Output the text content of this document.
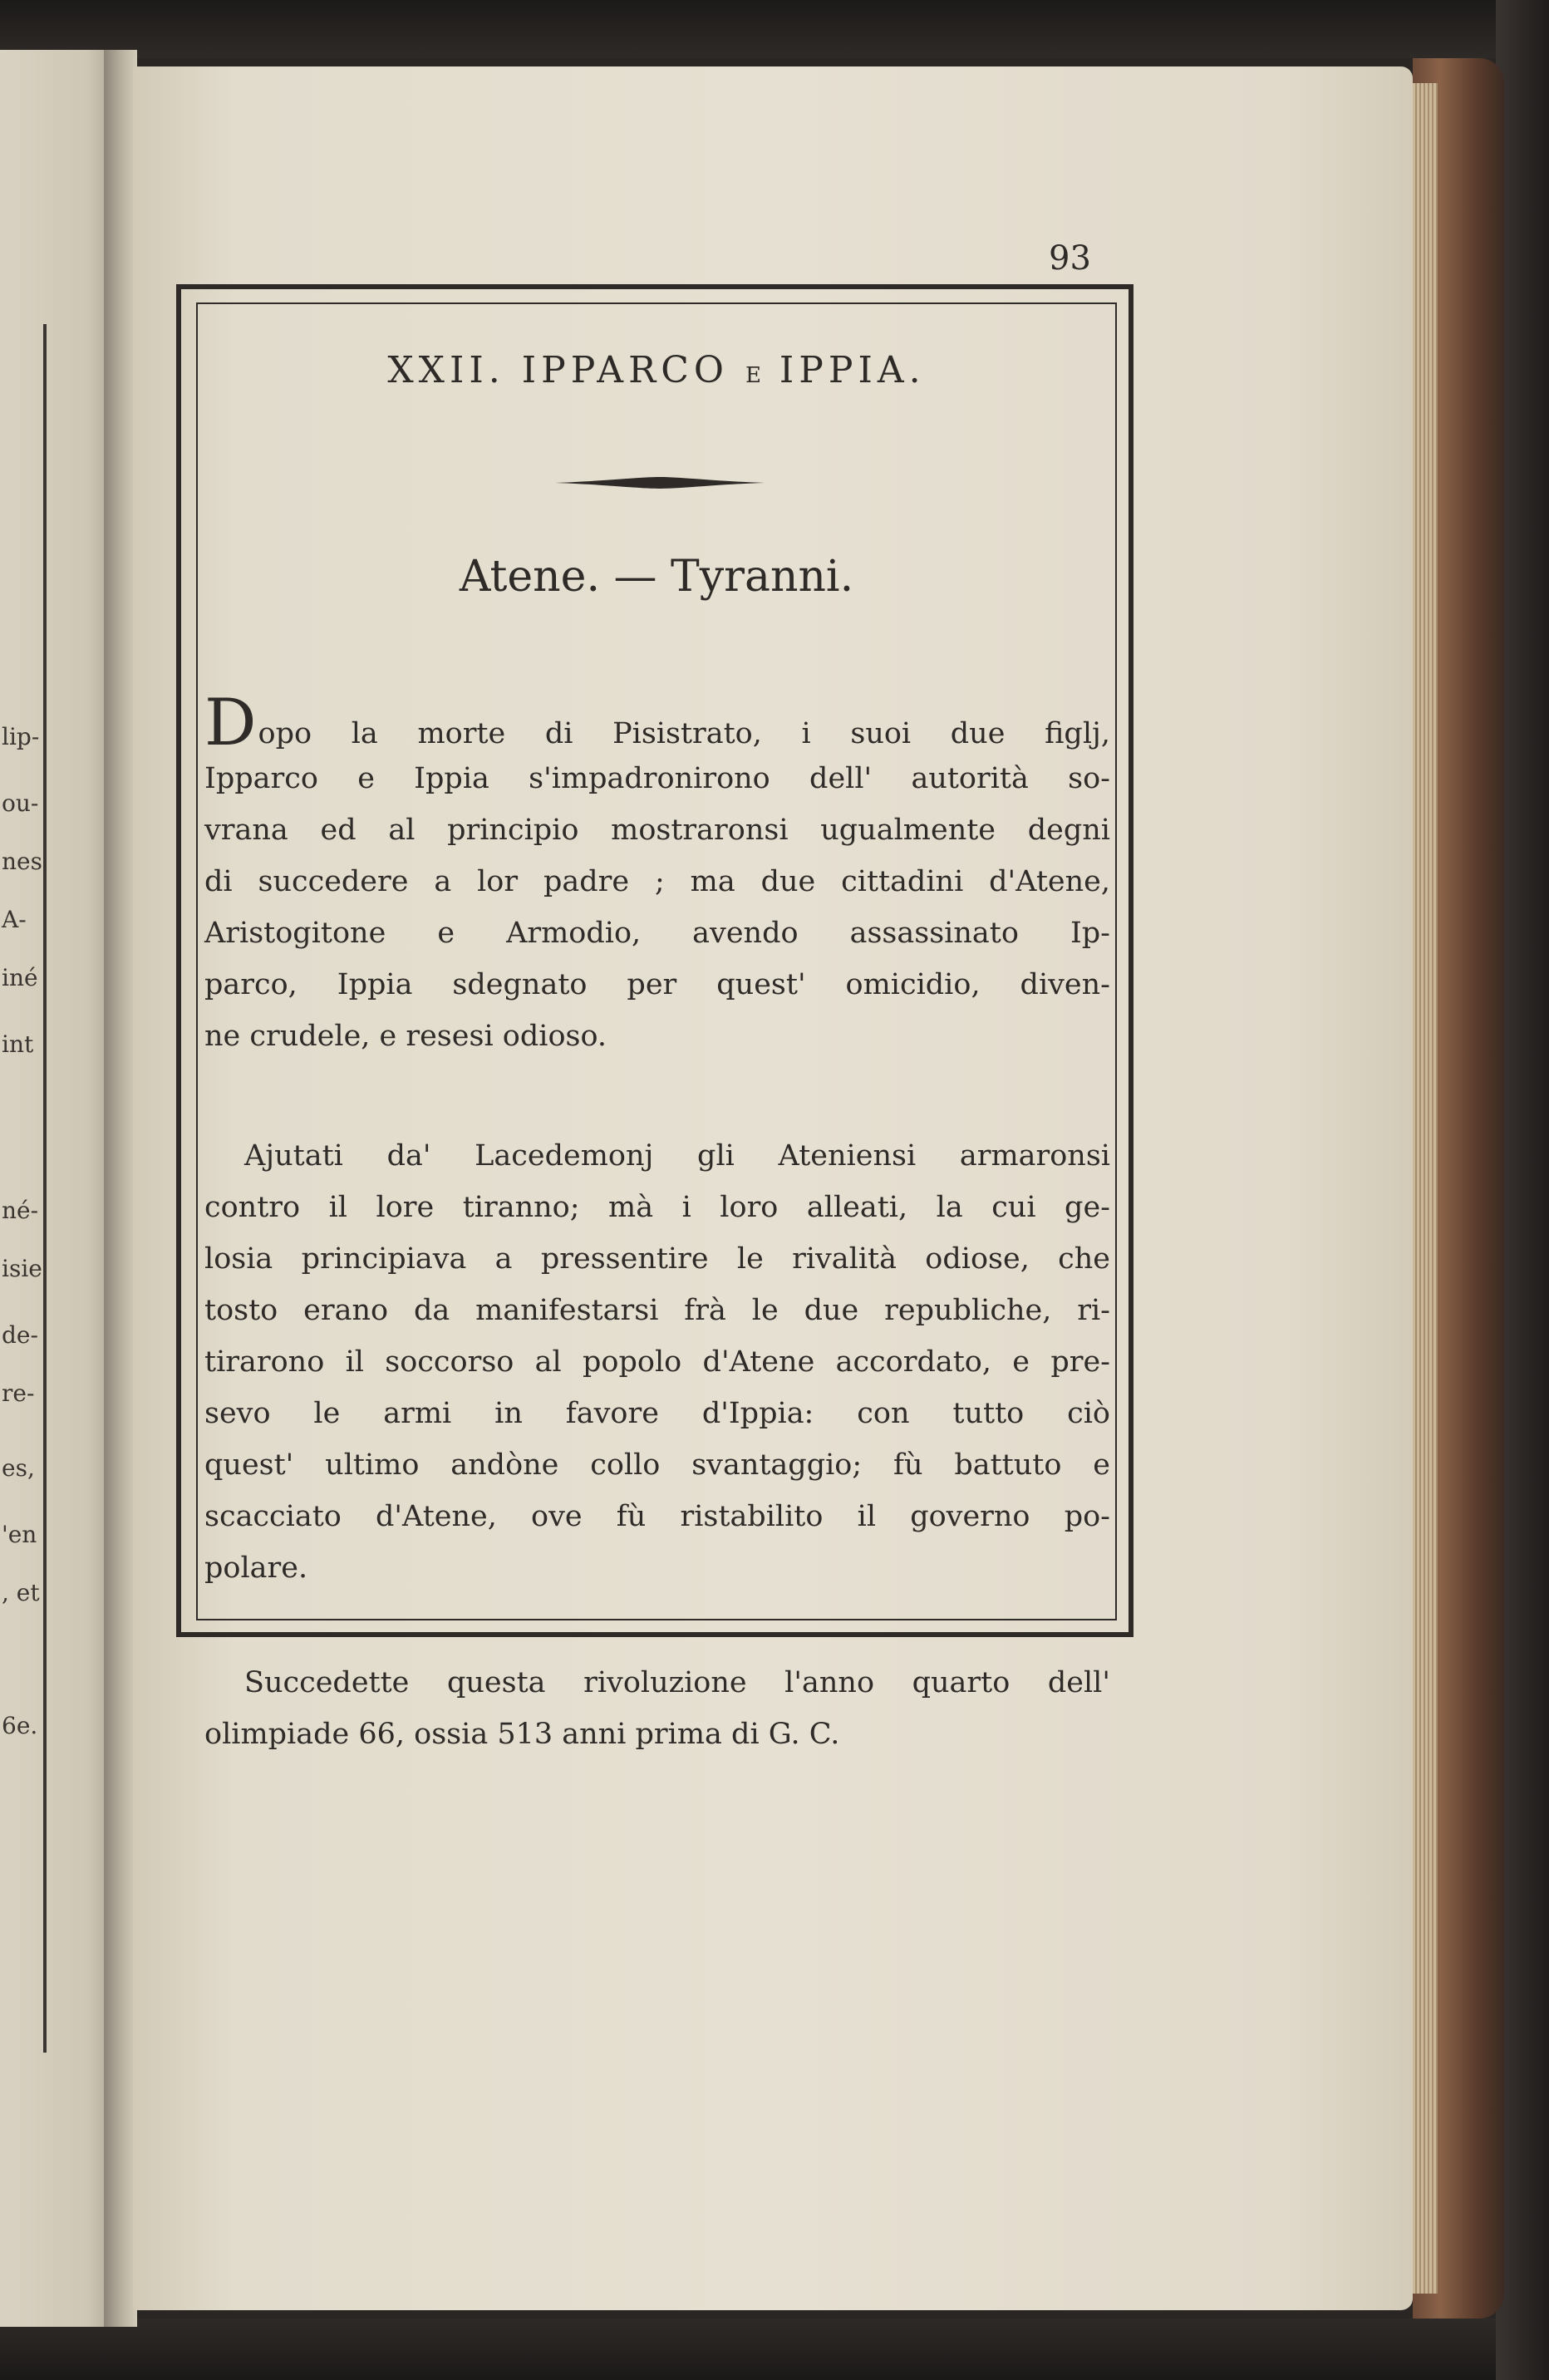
lip-
ou-
nes
A-
iné
int
né-
isie
de-
re-
es,
'en
, et
6e.
93
XXII. IPPARCO E IPPIA.
Atene. — Tyranni.
Dopo la morte di Pisistrato, i suoi due figlj,
Ipparco e Ippia s'impadronirono dell' autorità so-
vrana ed al principio mostraronsi ugualmente degni
di succedere a lor padre ; ma due cittadini d'Atene,
Aristogitone e Armodio, avendo assassinato Ip-
parco, Ippia sdegnato per quest' omicidio, diven-
ne crudele, e resesi odioso.
Ajutati da' Lacedemonj gli Ateniensi armaronsi
contro il lore tiranno; mà i loro alleati, la cui ge-
losia principiava a pressentire le rivalità odiose, che
tosto erano da manifestarsi frà le due republiche, ri-
tirarono il soccorso al popolo d'Atene accordato, e pre-
sevo le armi in favore d'Ippia: con tutto ciò
quest' ultimo andòne collo svantaggio; fù battuto e
scacciato d'Atene, ove fù ristabilito il governo po-
polare.
Succedette questa rivoluzione l'anno quarto dell'
olimpiade 66, ossia 513 anni prima di G. C.
